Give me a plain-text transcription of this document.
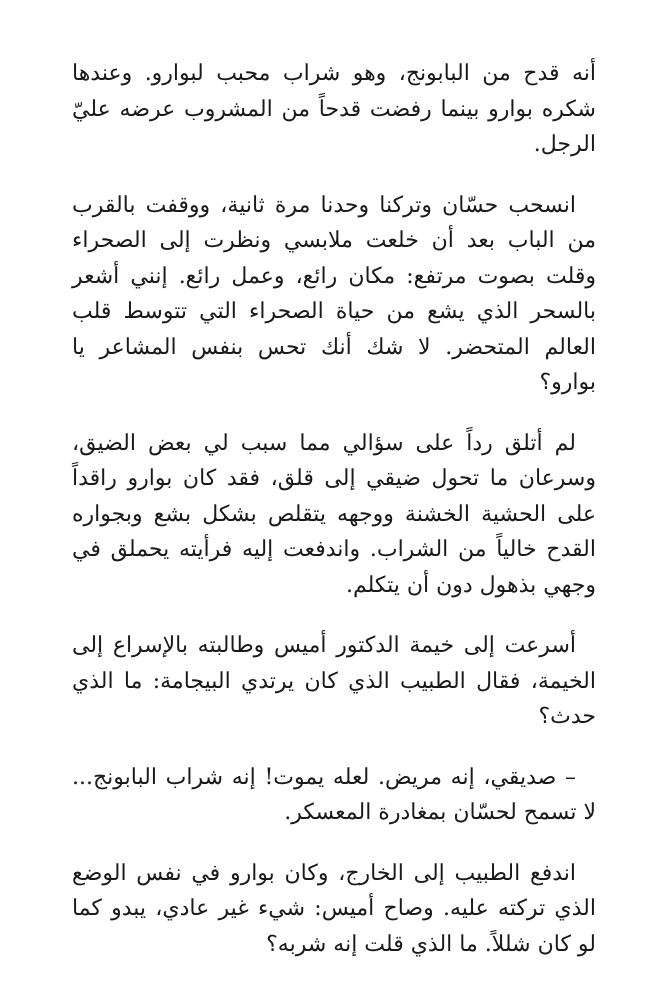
أنه قدح من البابونج، وهو شراب محبب لبوارو. وعندها شكره بوارو بينما رفضت قدحاً من المشروب عرضه عليّ الرجل.

انسحب حسّان وتركنا وحدنا مرة ثانية، ووقفت بالقرب من الباب بعد أن خلعت ملابسي ونظرت إلى الصحراء وقلت بصوت مرتفع: مكان رائع، وعمل رائع. إنني أشعر بالسحر الذي يشع من حياة الصحراء التي تتوسط قلب العالم المتحضر. لا شك أنك تحس بنفس المشاعر يا بوارو؟

لم أتلق رداً على سؤالي مما سبب لي بعض الضيق، وسرعان ما تحول ضيقي إلى قلق، فقد كان بوارو راقداً على الحشية الخشنة ووجهه يتقلص بشكل بشع وبجواره القدح خالياً من الشراب. واندفعت إليه فرأيته يحملق في وجهي بذهول دون أن يتكلم.

أسرعت إلى خيمة الدكتور أميس وطالبته بالإسراع إلى الخيمة، فقال الطبيب الذي كان يرتدي البيجامة: ما الذي حدث؟

– صديقي، إنه مريض. لعله يموت! إنه شراب البابونج... لا تسمح لحسّان بمغادرة المعسكر.

اندفع الطبيب إلى الخارج، وكان بوارو في نفس الوضع الذي تركته عليه. وصاح أميس: شيء غير عادي، يبدو كما لو كان شللاً. ما الذي قلت إنه شربه؟
